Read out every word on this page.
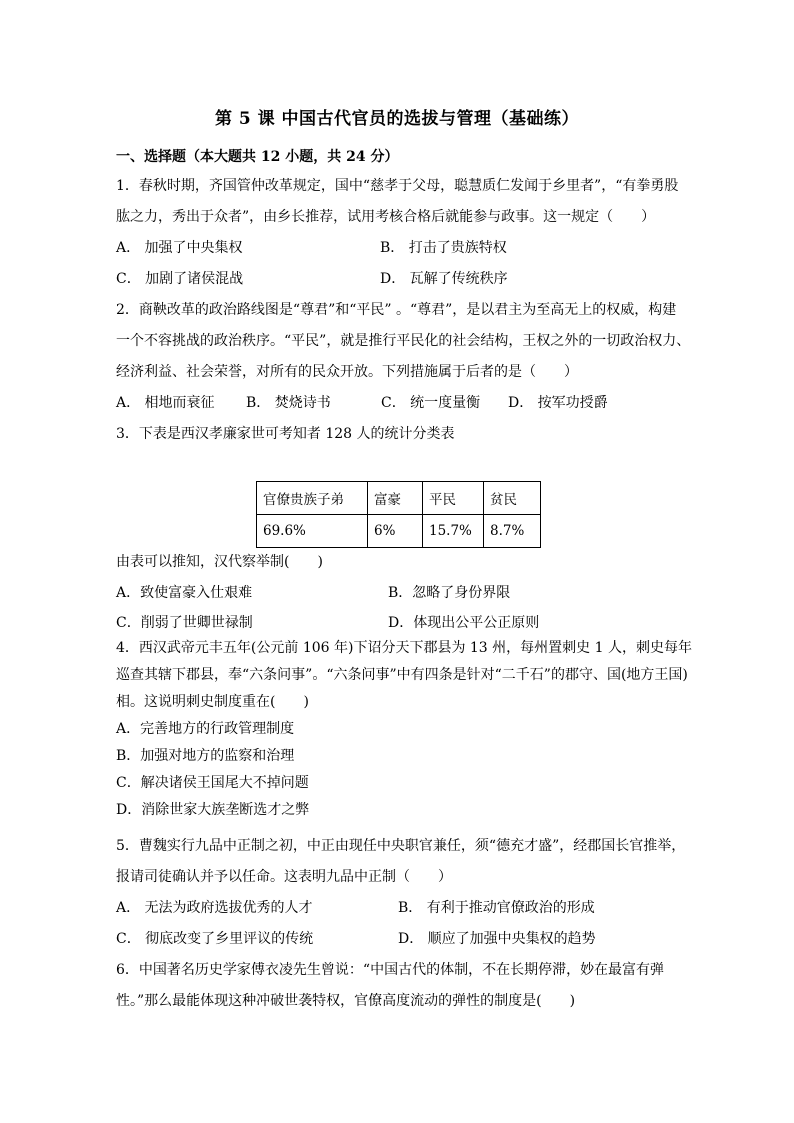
第 5 课 中国古代官员的选拔与管理（基础练）
一、选择题（本大题共 12 小题，共 24 分）
1．春秋时期，齐国管仲改革规定，国中“慈孝于父母，聪慧质仁发闻于乡里者”，“有拳勇股
肱之力，秀出于众者”，由乡长推荐，试用考核合格后就能参与政事。这一规定（　　）
A． 加强了中央集权	B． 打击了贵族特权
C． 加剧了诸侯混战	D． 瓦解了传统秩序
2．商鞅改革的政治路线图是“尊君”和“平民” 。“尊君”，是以君主为至高无上的权威，构建
一个不容挑战的政治秩序。“平民”，就是推行平民化的社会结构，王权之外的一切政治权力、
经济利益、社会荣誉，对所有的民众开放。下列措施属于后者的是（　　）
A． 相地而衰征 B． 焚烧诗书	C． 统一度量衡 D． 按军功授爵
3．下表是西汉孝廉家世可考知者 128 人的统计分类表
官僚贵族子弟	富豪	平民	贫民
69.6%	6%	15.7%	8.7%
由表可以推知，汉代察举制(　　)
A．致使富豪入仕艰难	B．忽略了身份界限
C．削弱了世卿世禄制	D．体现出公平公正原则
4．西汉武帝元丰五年(公元前 106 年)下诏分天下郡县为 13 州，每州置刺史 1 人，刺史每年
巡查其辖下郡县，奉“六条问事”。“六条问事”中有四条是针对“二千石”的郡守、国(地方王国)
相。这说明刺史制度重在(　　)
A．完善地方的行政管理制度
B．加强对地方的监察和治理
C．解决诸侯王国尾大不掉问题
D．消除世家大族垄断选才之弊
5．曹魏实行九品中正制之初，中正由现任中央职官兼任，须“德充才盛”，经郡国长官推举，
报请司徒确认并予以任命。这表明九品中正制（　　）
A． 无法为政府选拔优秀的人才	B． 有利于推动官僚政治的形成
C． 彻底改变了乡里评议的传统	D． 顺应了加强中央集权的趋势
6．中国著名历史学家傅衣凌先生曾说：“中国古代的体制，不在长期停滞，妙在最富有弹
性。”那么最能体现这种冲破世袭特权，官僚高度流动的弹性的制度是(　　)
